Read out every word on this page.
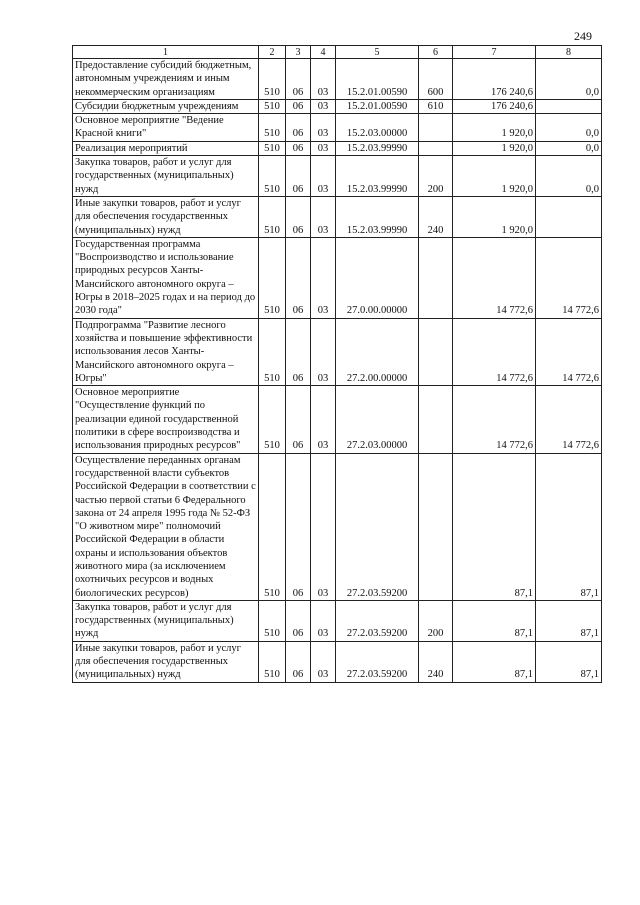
249
1	2	3	4	5	6	7	8
Предоставление субсидий бюджетным, автономным учреждениям и иным некоммерческим организациям	510	06	03	15.2.01.00590	600	176 240,6	0,0
Субсидии бюджетным учреждениям	510	06	03	15.2.01.00590	610	176 240,6	
Основное мероприятие "Ведение Красной книги"	510	06	03	15.2.03.00000		1 920,0	0,0
Реализация мероприятий	510	06	03	15.2.03.99990		1 920,0	0,0
Закупка товаров, работ и услуг для государственных (муниципальных) нужд	510	06	03	15.2.03.99990	200	1 920,0	0,0
Иные закупки товаров, работ и услуг для обеспечения государственных (муниципальных) нужд	510	06	03	15.2.03.99990	240	1 920,0	
Государственная программа "Воспроизводство и использование природных ресурсов Ханты-Мансийского автономного округа – Югры в 2018–2025 годах и на период до 2030 года"	510	06	03	27.0.00.00000		14 772,6	14 772,6
Подпрограмма "Развитие лесного хозяйства и повышение эффективности использования лесов Ханты-Мансийского автономного округа – Югры"	510	06	03	27.2.00.00000		14 772,6	14 772,6
Основное мероприятие "Осуществление функций по реализации единой государственной политики в сфере воспроизводства и использования природных ресурсов"	510	06	03	27.2.03.00000		14 772,6	14 772,6
Осуществление переданных органам государственной власти субъектов Российской Федерации в соответствии с частью первой статьи 6 Федерального закона от 24 апреля 1995 года № 52-ФЗ "О животном мире" полномочий Российской Федерации в области охраны и использования объектов животного мира (за исключением охотничьих ресурсов и водных биологических ресурсов)	510	06	03	27.2.03.59200		87,1	87,1
Закупка товаров, работ и услуг для государственных (муниципальных) нужд	510	06	03	27.2.03.59200	200	87,1	87,1
Иные закупки товаров, работ и услуг для обеспечения государственных (муниципальных) нужд	510	06	03	27.2.03.59200	240	87,1	87,1
